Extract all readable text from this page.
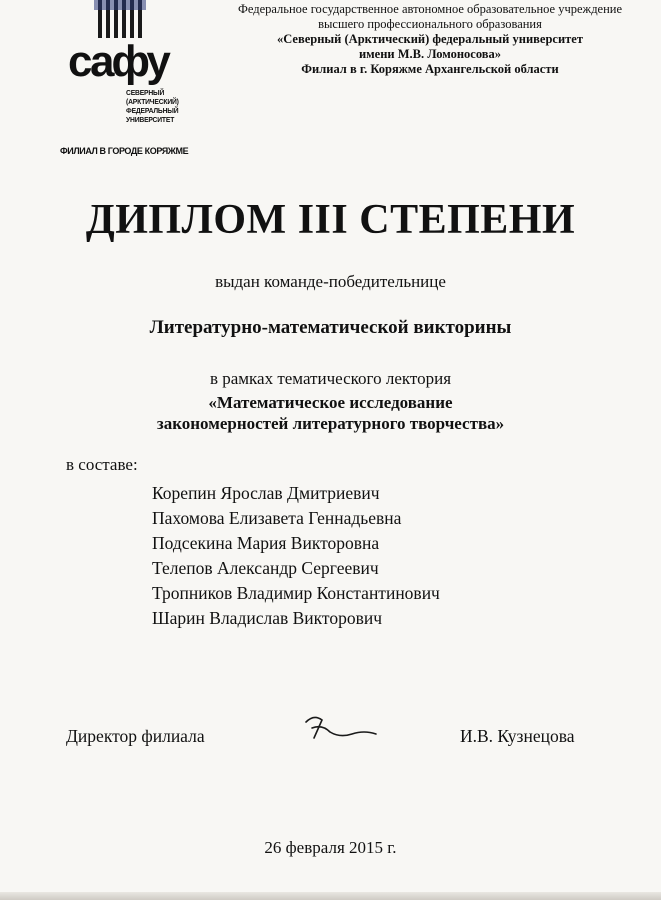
сафу
СЕВЕРНЫЙ
(АРКТИЧЕСКИЙ)
ФЕДЕРАЛЬНЫЙ
УНИВЕРСИТЕТ
ФИЛИАЛ В ГОРОДЕ КОРЯЖМЕ
Федеральное государственное автономное образовательное учреждение
высшего профессионального образования
«Северный (Арктический) федеральный университет
имени М.В. Ломоносова»
Филиал в г. Коряжме Архангельской области
ДИПЛОМ III СТЕПЕНИ
выдан команде-победительнице
Литературно-математической викторины
в рамках тематического лектория
«Математическое исследование
закономерностей литературного творчества»
в составе:
Корепин Ярослав Дмитриевич
Пахомова Елизавета Геннадьевна
Подсекина Мария Викторовна
Телепов Александр Сергеевич
Тропников Владимир Константинович
Шарин Владислав Викторович
Директор филиала	И.В. Кузнецова
26 февраля 2015 г.
